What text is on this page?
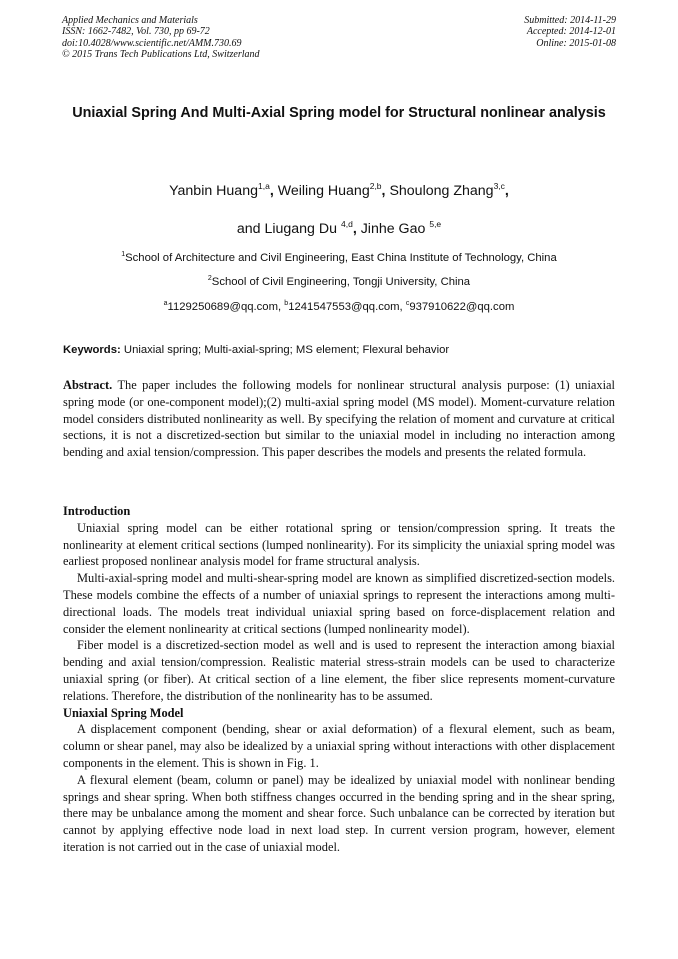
Applied Mechanics and Materials
ISSN: 1662-7482, Vol. 730, pp 69-72
doi:10.4028/www.scientific.net/AMM.730.69
© 2015 Trans Tech Publications Ltd, Switzerland
Submitted: 2014-11-29
Accepted: 2014-12-01
Online: 2015-01-08
Uniaxial Spring And Multi-Axial Spring model for Structural nonlinear analysis
Yanbin Huang$^{1,a}$, Weiling Huang$^{2,b}$, Shoulong Zhang$^{3,c}$,
and Liugang Du $^{4,d}$, Jinhe Gao $^{5,e}$
$^1$School of Architecture and Civil Engineering, East China Institute of Technology, China
$^2$School of Civil Engineering, Tongji University, China
$^a$1129250689@qq.com, $^b$1241547553@qq.com, $^c$937910622@qq.com
Keywords: Uniaxial spring; Multi-axial-spring; MS element; Flexural behavior

Abstract. The paper includes the following models for nonlinear structural analysis purpose: (1) uniaxial spring mode (or one-component model);(2) multi-axial spring model (MS model). Moment-curvature relation model considers distributed nonlinearity as well. By specifying the relation of moment and curvature at critical sections, it is not a discretized-section but similar to the uniaxial model in including no interaction among bending and axial tension/compression. This paper describes the models and presents the related formula.

Introduction

Uniaxial spring model can be either rotational spring or tension/compression spring. It treats the nonlinearity at element critical sections (lumped nonlinearity). For its simplicity the uniaxial spring model was earliest proposed nonlinear analysis model for frame structural analysis.

Multi-axial-spring model and multi-shear-spring model are known as simplified discretized-section models. These models combine the effects of a number of uniaxial springs to represent the interactions among multi-directional loads. The models treat individual uniaxial spring based on force-displacement relation and consider the element nonlinearity at critical sections (lumped nonlinearity model).

Fiber model is a discretized-section model as well and is used to represent the interaction among biaxial bending and axial tension/compression. Realistic material stress-strain models can be used to characterize uniaxial spring (or fiber). At critical section of a line element, the fiber slice represents moment-curvature relations. Therefore, the distribution of the nonlinearity has to be assumed.

Uniaxial Spring Model

A displacement component (bending, shear or axial deformation) of a flexural element, such as beam, column or shear panel, may also be idealized by a uniaxial spring without interactions with other displacement components in the element. This is shown in Fig. 1.

A flexural element (beam, column or panel) may be idealized by uniaxial model with nonlinear bending springs and shear spring. When both stiffness changes occurred in the bending spring and in the shear spring, there may be unbalance among the moment and shear force. Such unbalance can be corrected by iteration but cannot by applying effective node load in next load step. In current version program, however, element iteration is not carried out in the case of uniaxial model.
